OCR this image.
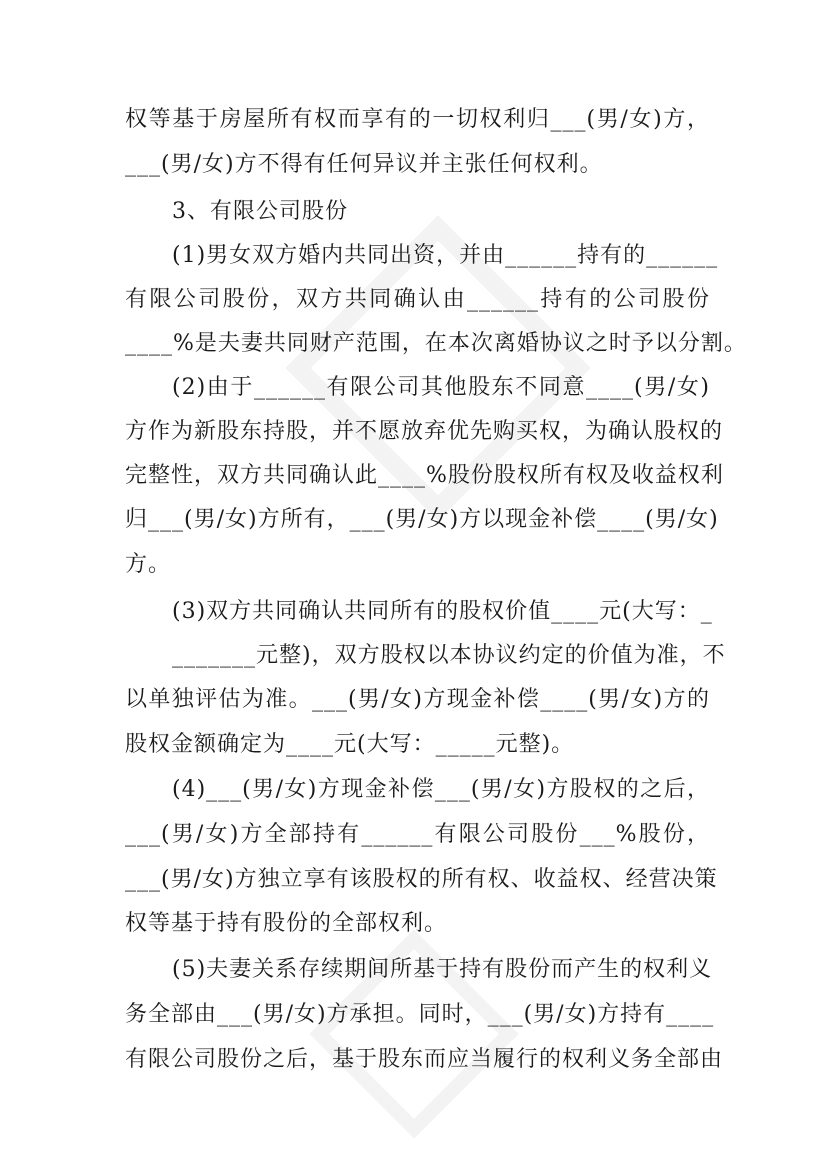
权等基于房屋所有权而享有的一切权利归___(男/女)方，
___(男/女)方不得有任何异议并主张任何权利。
3、有限公司股份
(1)男女双方婚内共同出资，并由______持有的______
有限公司股份，双方共同确认由______持有的公司股份
____%是夫妻共同财产范围，在本次离婚协议之时予以分割。
(2)由于______有限公司其他股东不同意____(男/女)
方作为新股东持股，并不愿放弃优先购买权，为确认股权的
完整性，双方共同确认此____%股份股权所有权及收益权利
归___(男/女)方所有，___(男/女)方以现金补偿____(男/女)
方。
(3)双方共同确认共同所有的股权价值____元(大写：_
_______元整)，双方股权以本协议约定的价值为准，不
以单独评估为准。___(男/女)方现金补偿____(男/女)方的
股权金额确定为____元(大写：_____元整)。
(4)___(男/女)方现金补偿___(男/女)方股权的之后，
___(男/女)方全部持有______有限公司股份___%股份，
___(男/女)方独立享有该股权的所有权、收益权、经营决策
权等基于持有股份的全部权利。
(5)夫妻关系存续期间所基于持有股份而产生的权利义
务全部由___(男/女)方承担。同时，___(男/女)方持有____
有限公司股份之后，基于股东而应当履行的权利义务全部由
